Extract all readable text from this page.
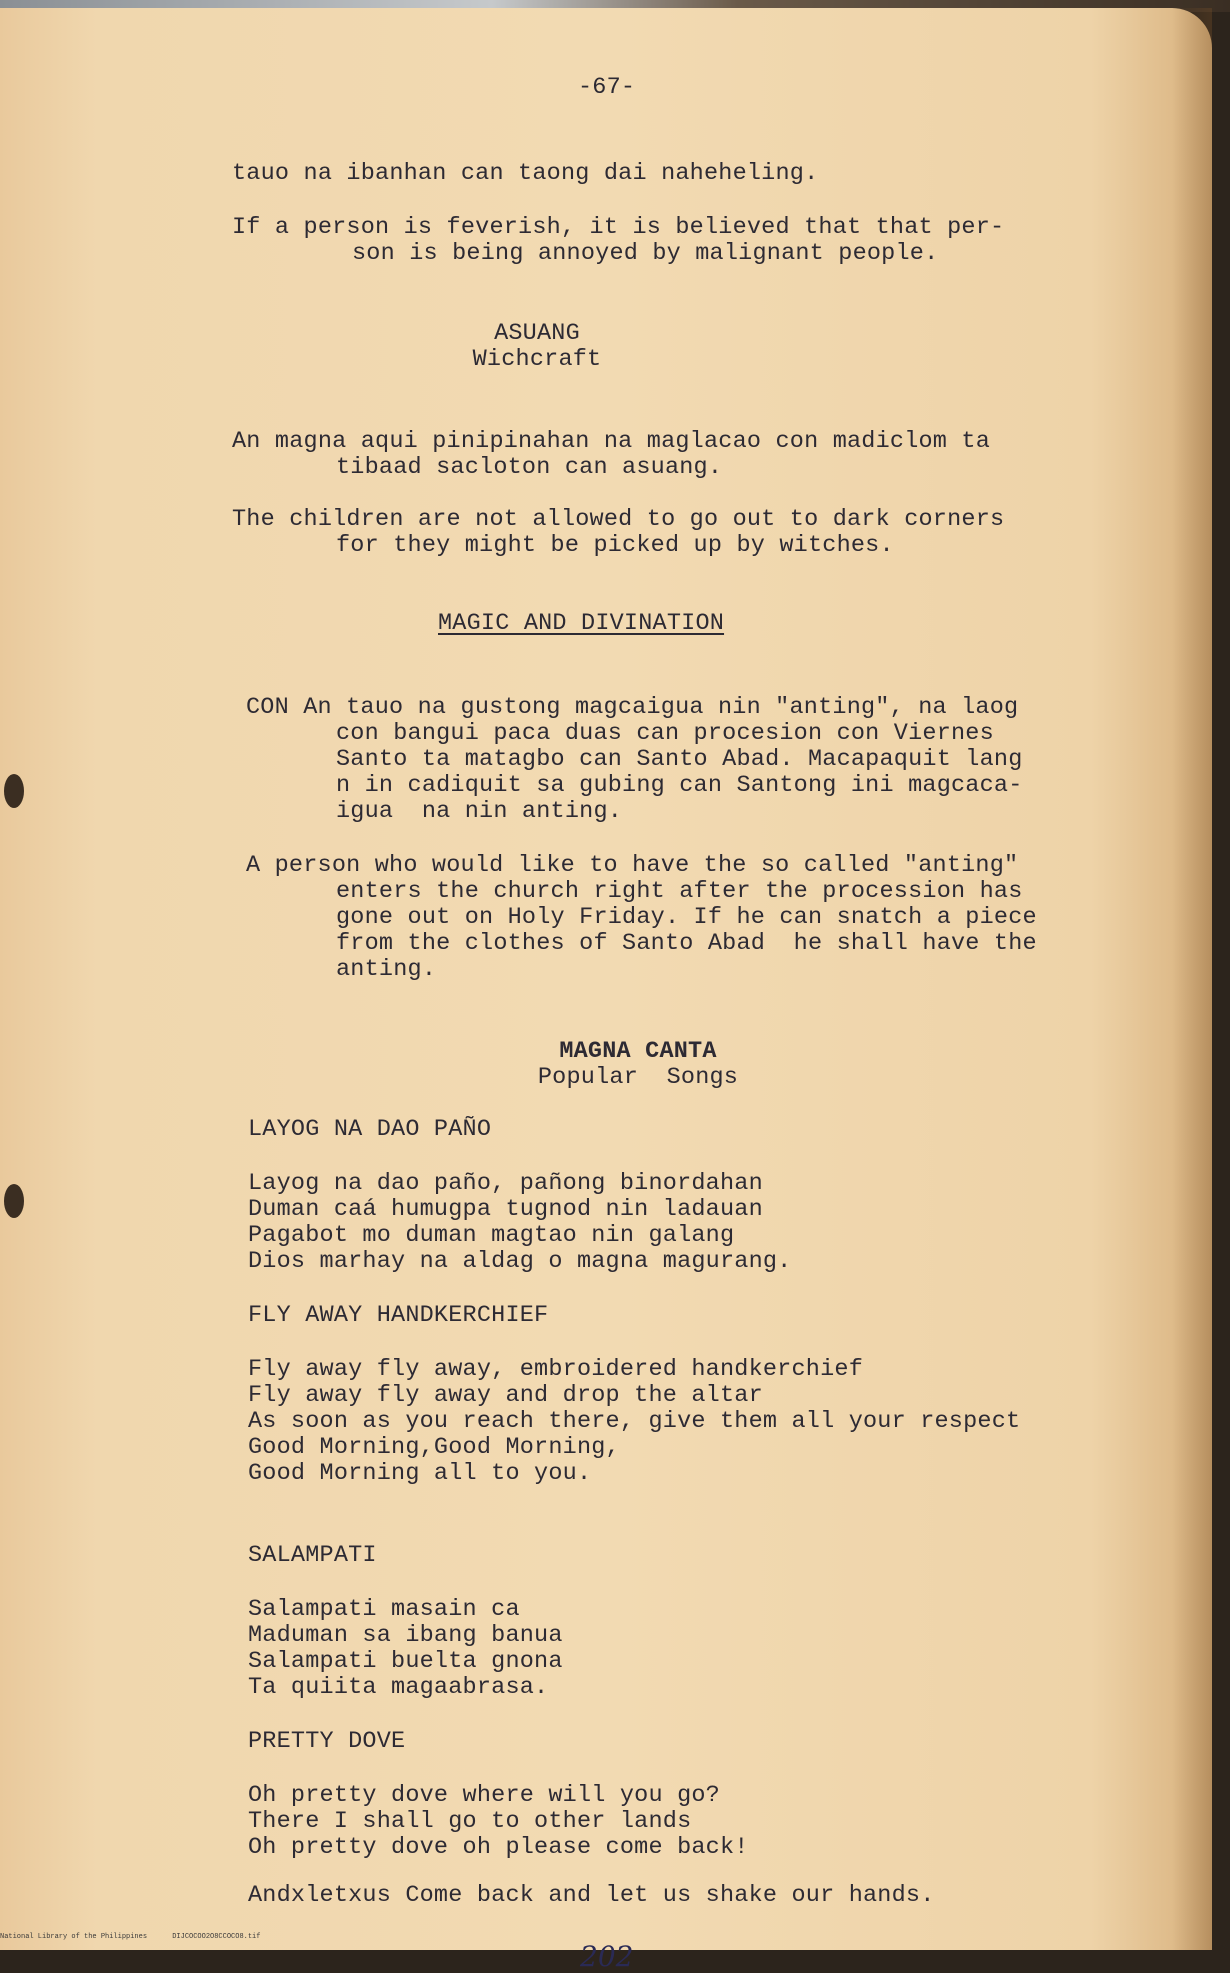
-67-

tauo na ibanhan can taong dai naheheling.

If a person is feverish, it is believed that that per-

son is being annoyed by malignant people.

ASUANG

Wichcraft

An magna aqui pinipinahan na maglacao con madiclom ta

tibaad sacloton can asuang.

The children are not allowed to go out to dark corners

for they might be picked up by witches.

MAGIC AND DIVINATION

CON An tauo na gustong magcaigua nin "anting", na laog

con bangui paca duas can procesion con Viernes

Santo ta matagbo can Santo Abad. Macapaquit lang

n in cadiquit sa gubing can Santong ini magcaca-

igua  na nin anting.

A person who would like to have the so called "anting"

enters the church right after the procession has

gone out on Holy Friday. If he can snatch a piece

from the clothes of Santo Abad  he shall have the

anting.

MAGNA CANTA

Popular  Songs

LAYOG NA DAO PAÑO

Layog na dao paño, pañong binordahan

Duman caá humugpa tugnod nin ladauan

Pagabot mo duman magtao nin galang

Dios marhay na aldag o magna magurang.

FLY AWAY HANDKERCHIEF

Fly away fly away, embroidered handkerchief

Fly away fly away and drop the altar

As soon as you reach there, give them all your respect

Good Morning,Good Morning,

Good Morning all to you.

SALAMPATI

Salampati masain ca

Maduman sa ibang banua

Salampati buelta gnona

Ta quiita magaabrasa.

PRETTY DOVE

Oh pretty dove where will you go?

There I shall go to other lands

Oh pretty dove oh please come back!

Andxletxus Come back and let us shake our hands.

202

National Library of the Philippines      DIJCOCOO2O8CCOCO8.tif
